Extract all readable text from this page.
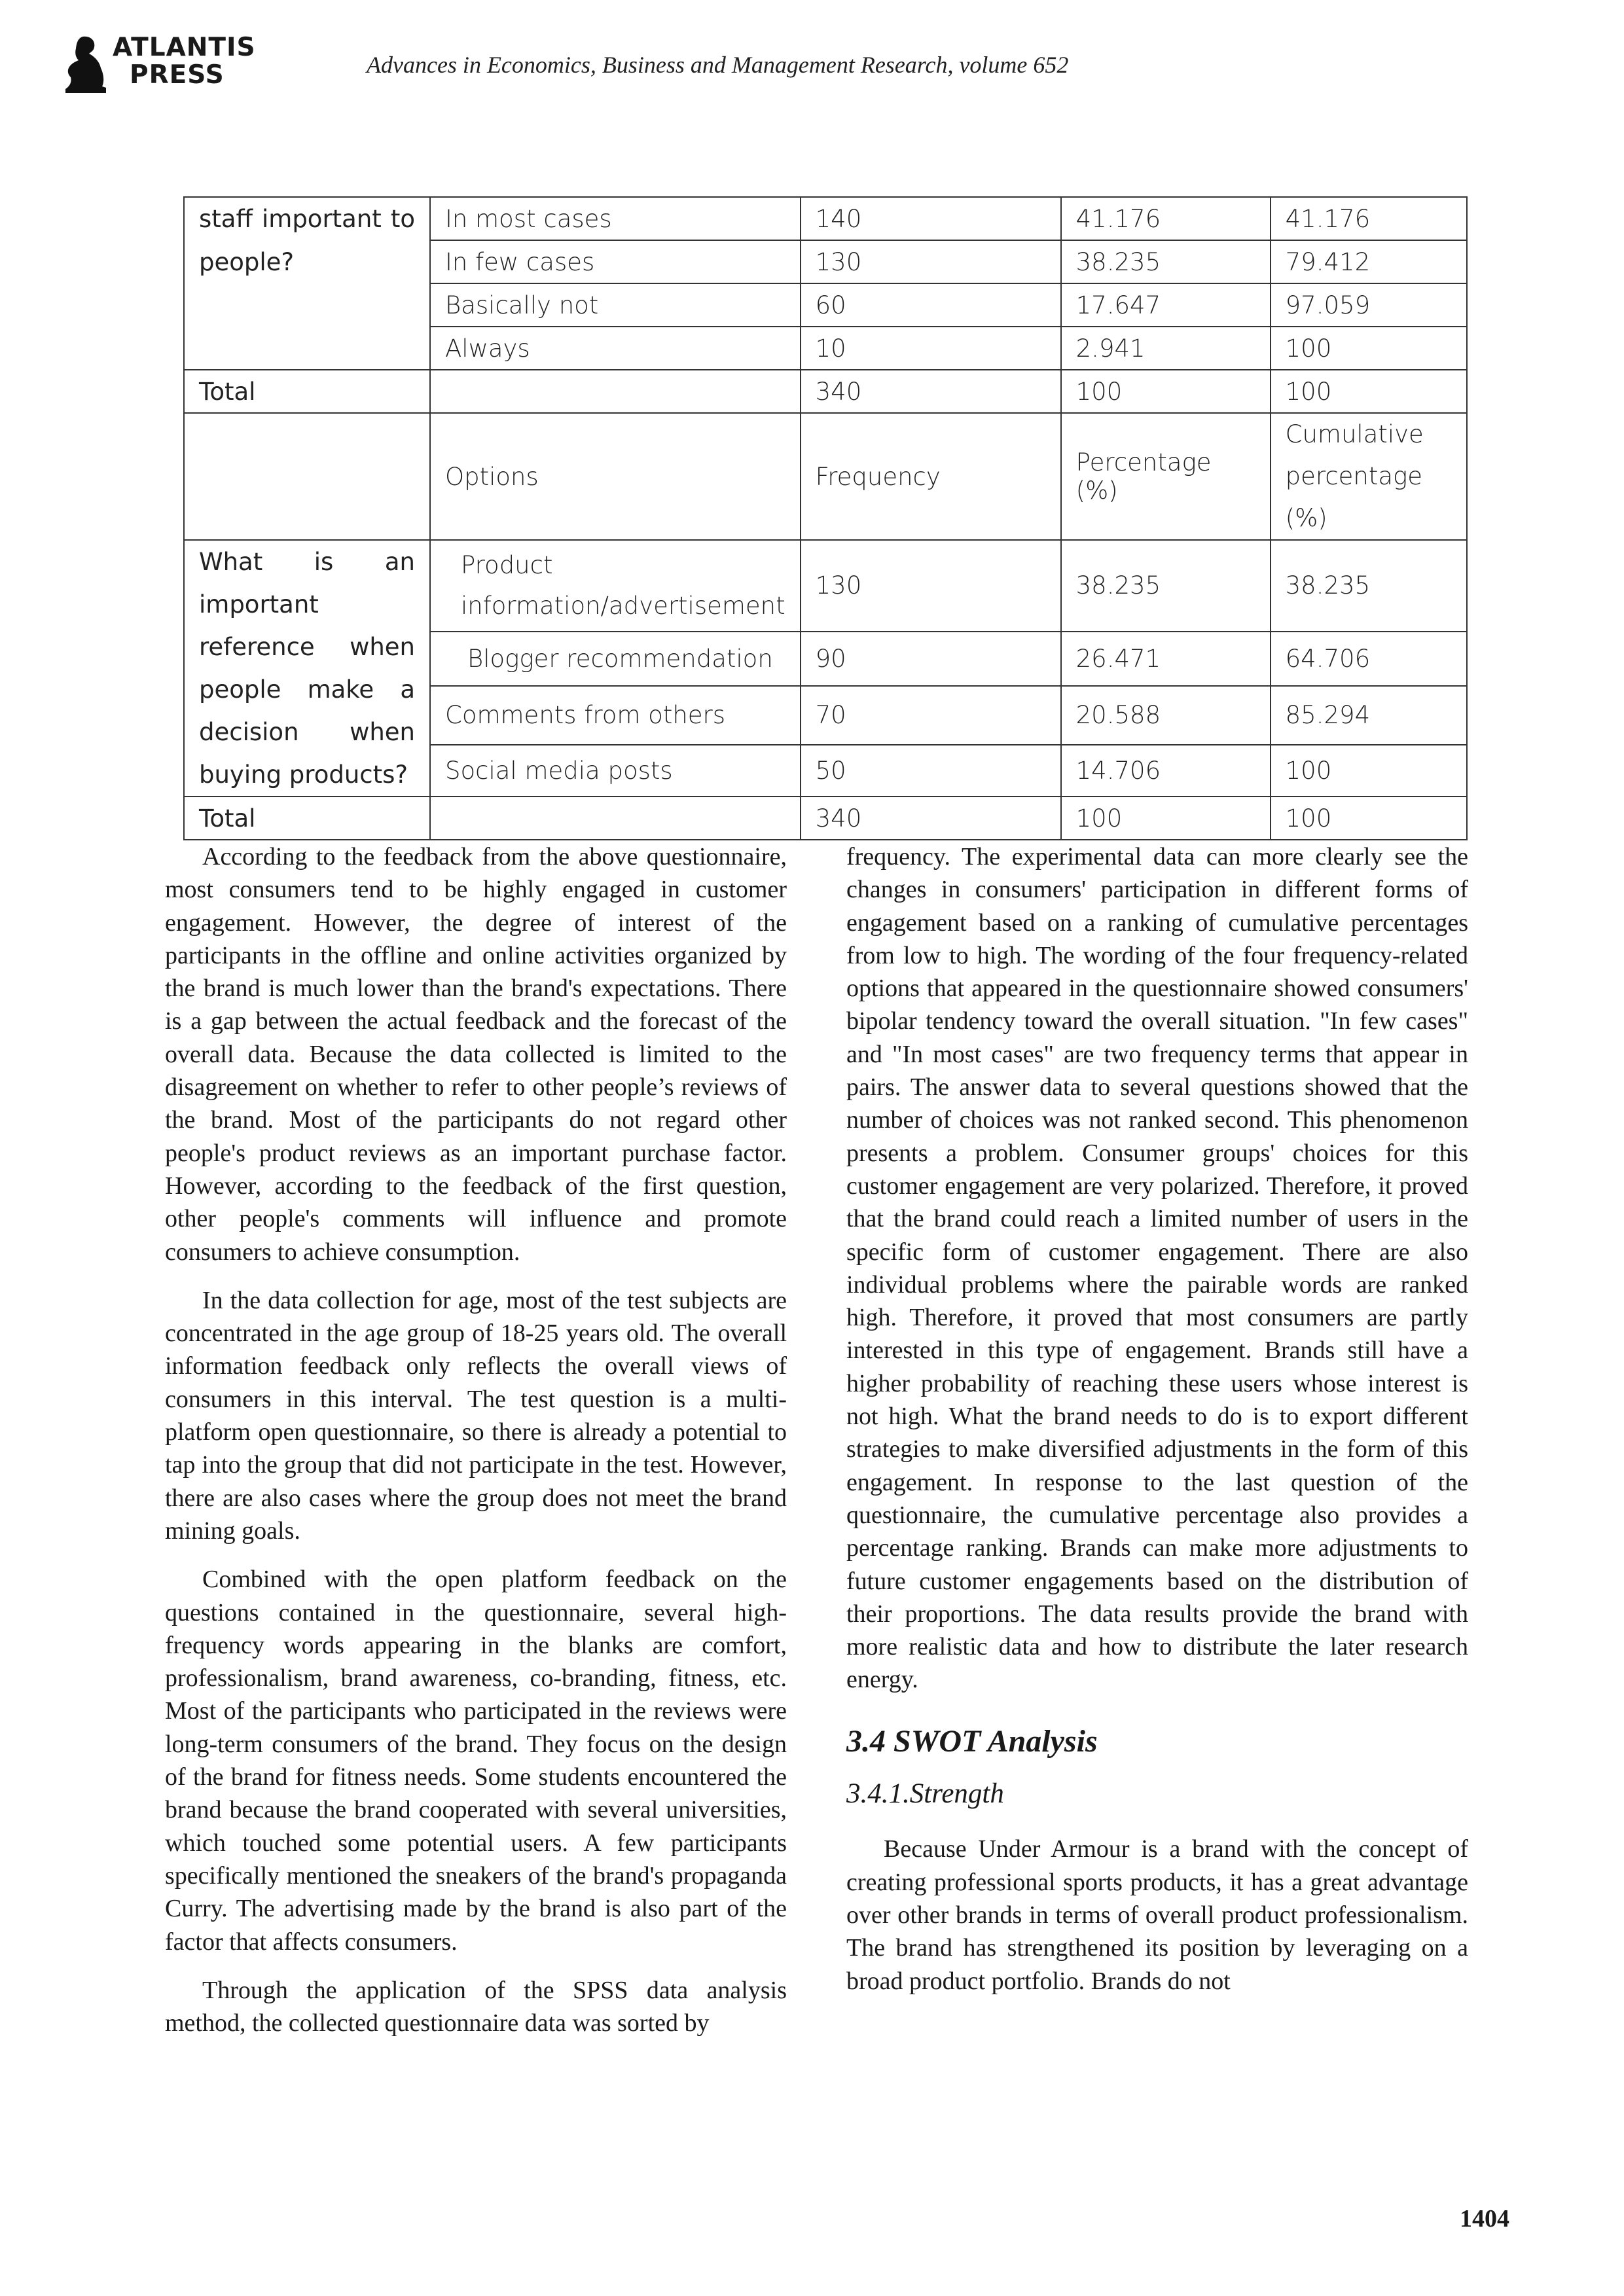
ATLANTIS
PRESS	Advances in Economics, Business and Management Research, volume 652
staff important to people?	In most cases	140	41.176	41.176
	In few cases	130	38.235	79.412
	Basically not	60	17.647	97.059
	Always	10	2.941	100
Total		340	100	100
	Options	Frequency	Percentage (%)	Cumulative
percentage (%)

What is an important reference when people make a decision when buying products?	Product
information/advertisement	130	38.235	38.235
	Blogger recommendation	90	26.471	64.706
	Comments from others	70	20.588	85.294
	Social media posts	50	14.706	100
Total		340	100	100

According to the feedback from the above questionnaire, most consumers tend to be highly engaged in customer engagement. However, the degree of interest of the participants in the offline and online activities organized by the brand is much lower than the brand's expectations. There is a gap between the actual feedback and the forecast of the overall data. Because the data collected is limited to the disagreement on whether to refer to other people’s reviews of the brand. Most of the participants do not regard other people's product reviews as an important purchase factor. However, according to the feedback of the first question, other people's comments will influence and promote consumers to achieve consumption.

In the data collection for age, most of the test subjects are concentrated in the age group of 18-25 years old. The overall information feedback only reflects the overall views of consumers in this interval. The test question is a multi-platform open questionnaire, so there is already a potential to tap into the group that did not participate in the test. However, there are also cases where the group does not meet the brand mining goals.

Combined with the open platform feedback on the questions contained in the questionnaire, several high-frequency words appearing in the blanks are comfort, professionalism, brand awareness, co-branding, fitness, etc. Most of the participants who participated in the reviews were long-term consumers of the brand. They focus on the design of the brand for fitness needs. Some students encountered the brand because the brand cooperated with several universities, which touched some potential users. A few participants specifically mentioned the sneakers of the brand's propaganda Curry. The advertising made by the brand is also part of the factor that affects consumers.

Through the application of the SPSS data analysis method, the collected questionnaire data was sorted by

frequency. The experimental data can more clearly see the changes in consumers' participation in different forms of engagement based on a ranking of cumulative percentages from low to high. The wording of the four frequency-related options that appeared in the questionnaire showed consumers' bipolar tendency toward the overall situation. "In few cases" and "In most cases" are two frequency terms that appear in pairs. The answer data to several questions showed that the number of choices was not ranked second. This phenomenon presents a problem. Consumer groups' choices for this customer engagement are very polarized. Therefore, it proved that the brand could reach a limited number of users in the specific form of customer engagement. There are also individual problems where the pairable words are ranked high. Therefore, it proved that most consumers are partly interested in this type of engagement. Brands still have a higher probability of reaching these users whose interest is not high. What the brand needs to do is to export different strategies to make diversified adjustments in the form of this engagement. In response to the last question of the questionnaire, the cumulative percentage also provides a percentage ranking. Brands can make more adjustments to future customer engagements based on the distribution of their proportions. The data results provide the brand with more realistic data and how to distribute the later research energy.

3.4 SWOT Analysis
3.4.1.Strength

Because Under Armour is a brand with the concept of creating professional sports products, it has a great advantage over other brands in terms of overall product professionalism. The brand has strengthened its position by leveraging on a broad product portfolio. Brands do not

1404
